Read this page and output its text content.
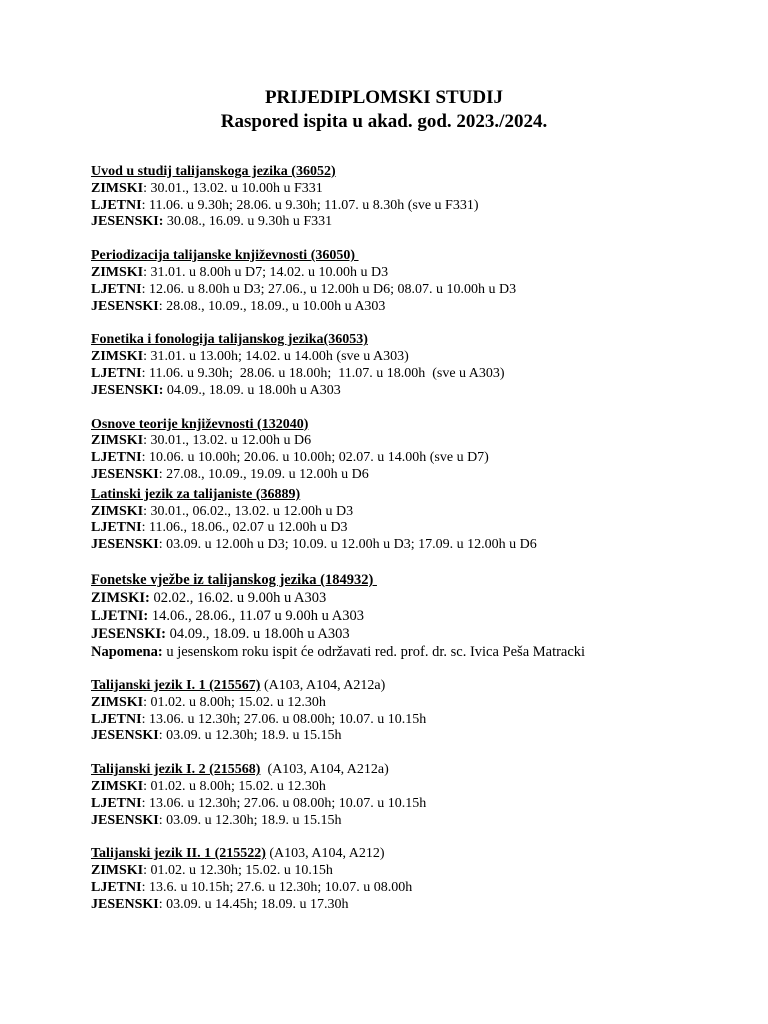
PRIJEDIPLOMSKI STUDIJ
Raspored ispita u akad. god. 2023./2024.
Uvod u studij talijanskoga jezika (36052)
ZIMSKI: 30.01., 13.02. u 10.00h u F331
LJETNI: 11.06. u 9.30h; 28.06. u 9.30h; 11.07. u 8.30h (sve u F331)
JESENSKI: 30.08., 16.09. u 9.30h u F331
Periodizacija talijanske književnosti (36050)
ZIMSKI: 31.01. u 8.00h u D7; 14.02. u 10.00h u D3
LJETNI: 12.06. u 8.00h u D3; 27.06., u 12.00h u D6; 08.07. u 10.00h u D3
JESENSKI: 28.08., 10.09., 18.09., u 10.00h u A303
Fonetika i fonologija talijanskog jezika(36053)
ZIMSKI: 31.01. u 13.00h; 14.02. u 14.00h (sve u A303)
LJETNI: 11.06. u 9.30h;  28.06. u 18.00h;  11.07. u 18.00h  (sve u A303)
JESENSKI: 04.09., 18.09. u 18.00h u A303
Osnove teorije književnosti (132040)
ZIMSKI: 30.01., 13.02. u 12.00h u D6
LJETNI: 10.06. u 10.00h; 20.06. u 10.00h; 02.07. u 14.00h (sve u D7)
JESENSKI: 27.08., 10.09., 19.09. u 12.00h u D6
Latinski jezik za talijaniste (36889)
ZIMSKI: 30.01., 06.02., 13.02. u 12.00h u D3
LJETNI: 11.06., 18.06., 02.07 u 12.00h u D3
JESENSKI: 03.09. u 12.00h u D3; 10.09. u 12.00h u D3; 17.09. u 12.00h u D6
Fonetske vježbe iz talijanskog jezika (184932)
ZIMSKI: 02.02., 16.02. u 9.00h u A303
LJETNI: 14.06., 28.06., 11.07 u 9.00h u A303
JESENSKI: 04.09., 18.09. u 18.00h u A303
Napomena: u jesenskom roku ispit će održavati red. prof. dr. sc. Ivica Peša Matracki
Talijanski jezik I. 1 (215567) (A103, A104, A212a)
ZIMSKI: 01.02. u 8.00h; 15.02. u 12.30h
LJETNI: 13.06. u 12.30h; 27.06. u 08.00h; 10.07. u 10.15h
JESENSKI: 03.09. u 12.30h; 18.9. u 15.15h
Talijanski jezik I. 2 (215568)  (A103, A104, A212a)
ZIMSKI: 01.02. u 8.00h; 15.02. u 12.30h
LJETNI: 13.06. u 12.30h; 27.06. u 08.00h; 10.07. u 10.15h
JESENSKI: 03.09. u 12.30h; 18.9. u 15.15h
Talijanski jezik II. 1 (215522) (A103, A104, A212)
ZIMSKI: 01.02. u 12.30h; 15.02. u 10.15h
LJETNI: 13.6. u 10.15h; 27.6. u 12.30h; 10.07. u 08.00h
JESENSKI: 03.09. u 14.45h; 18.09. u 17.30h
